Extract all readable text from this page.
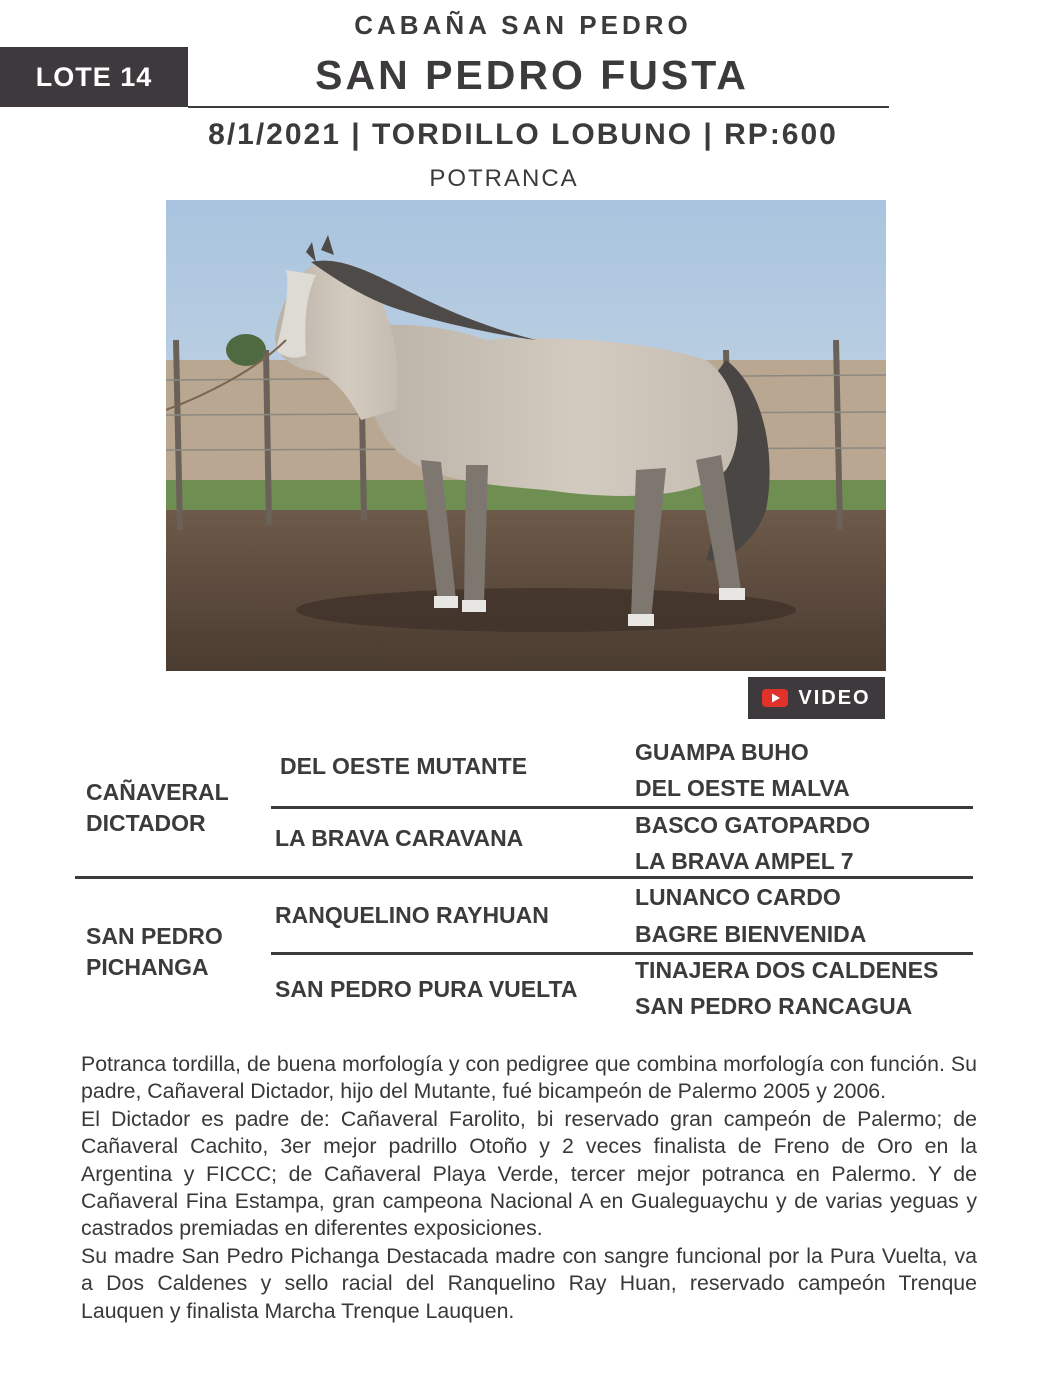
CABAÑA SAN PEDRO
LOTE 14	SAN PEDRO FUSTA
8/1/2021 | TORDILLO LOBUNO | RP:600
POTRANCA
VIDEO
CAÑAVERAL
DICTADOR
DEL OESTE MUTANTE
LA BRAVA CARAVANA
GUAMPA BUHO
DEL OESTE MALVA
BASCO GATOPARDO
LA BRAVA AMPEL 7
SAN PEDRO
PICHANGA
RANQUELINO RAYHUAN
SAN PEDRO PURA VUELTA
LUNANCO CARDO
BAGRE BIENVENIDA
TINAJERA DOS CALDENES
SAN PEDRO RANCAGUA

Potranca tordilla, de buena morfología y con pedigree que combina morfología con función. Su padre, Cañaveral Dictador, hijo del Mutante, fué bicampeón de Palermo 2005 y 2006.

El Dictador es padre de: Cañaveral Farolito, bi reservado gran campeón de Palermo; de Cañaveral Cachito, 3er mejor padrillo Otoño y 2 veces finalista de Freno de Oro en la Argentina y FICCC; de Cañaveral Playa Verde, tercer mejor potranca en Palermo. Y de Cañaveral Fina Estampa, gran campeona Nacional A en Gualeguaychu y de varias yeguas y castrados premiadas en diferentes exposiciones.

Su madre San Pedro Pichanga Destacada madre con sangre funcional por la Pura Vuelta, va a Dos Caldenes y sello racial del Ranquelino Ray Huan, reservado campeón Trenque Lauquen y finalista Marcha Trenque Lauquen.
